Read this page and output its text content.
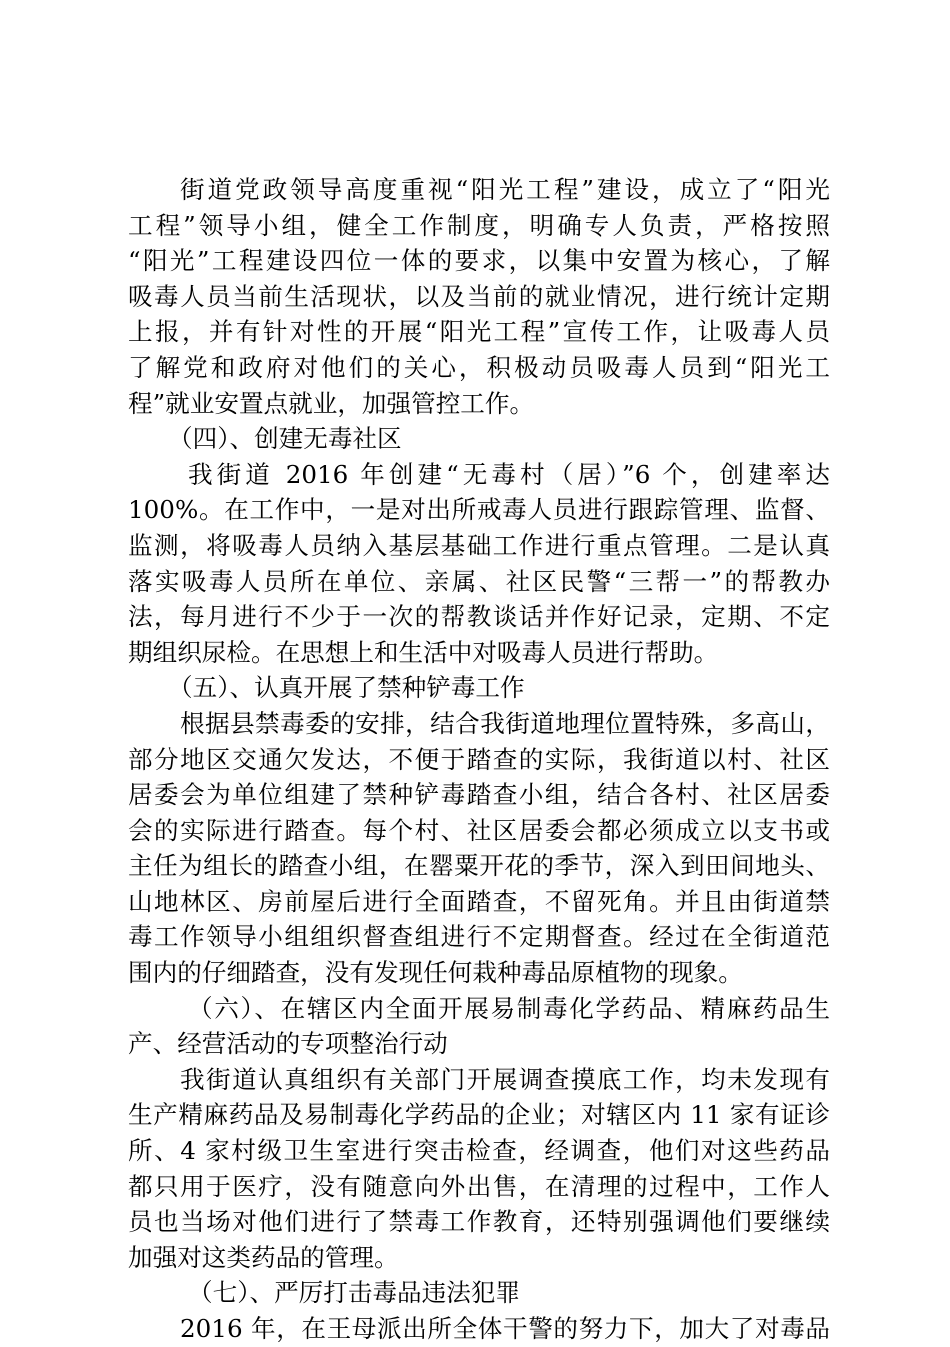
街道党政领导高度重视“阳光工程”建设，成立了“阳光
工程”领导小组，健全工作制度，明确专人负责，严格按照
“阳光”工程建设四位一体的要求，以集中安置为核心，了解
吸毒人员当前生活现状，以及当前的就业情况，进行统计定期
上报，并有针对性的开展“阳光工程”宣传工作，让吸毒人员
了解党和政府对他们的关心，积极动员吸毒人员到“阳光工
程”就业安置点就业，加强管控工作。
（四）、创建无毒社区
我街道 2016 年创建“无毒村（居）”6 个，创建率达
100%。在工作中，一是对出所戒毒人员进行跟踪管理、监督、
监测，将吸毒人员纳入基层基础工作进行重点管理。二是认真
落实吸毒人员所在单位、亲属、社区民警“三帮一”的帮教办
法，每月进行不少于一次的帮教谈话并作好记录，定期、不定
期组织尿检。在思想上和生活中对吸毒人员进行帮助。
（五）、认真开展了禁种铲毒工作
根据县禁毒委的安排，结合我街道地理位置特殊，多高山，
部分地区交通欠发达，不便于踏查的实际，我街道以村、社区
居委会为单位组建了禁种铲毒踏查小组，结合各村、社区居委
会的实际进行踏查。每个村、社区居委会都必须成立以支书或
主任为组长的踏查小组，在罂粟开花的季节，深入到田间地头、
山地林区、房前屋后进行全面踏查，不留死角。并且由街道禁
毒工作领导小组组织督查组进行不定期督查。经过在全街道范
围内的仔细踏查，没有发现任何栽种毒品原植物的现象。
（六）、在辖区内全面开展易制毒化学药品、精麻药品生
产、经营活动的专项整治行动
我街道认真组织有关部门开展调查摸底工作，均未发现有
生产精麻药品及易制毒化学药品的企业；对辖区内 11 家有证诊
所、4 家村级卫生室进行突击检查，经调查，他们对这些药品
都只用于医疗，没有随意向外出售，在清理的过程中，工作人
员也当场对他们进行了禁毒工作教育，还特别强调他们要继续
加强对这类药品的管理。
（七）、严厉打击毒品违法犯罪
2016 年，在王母派出所全体干警的努力下，加大了对毒品
